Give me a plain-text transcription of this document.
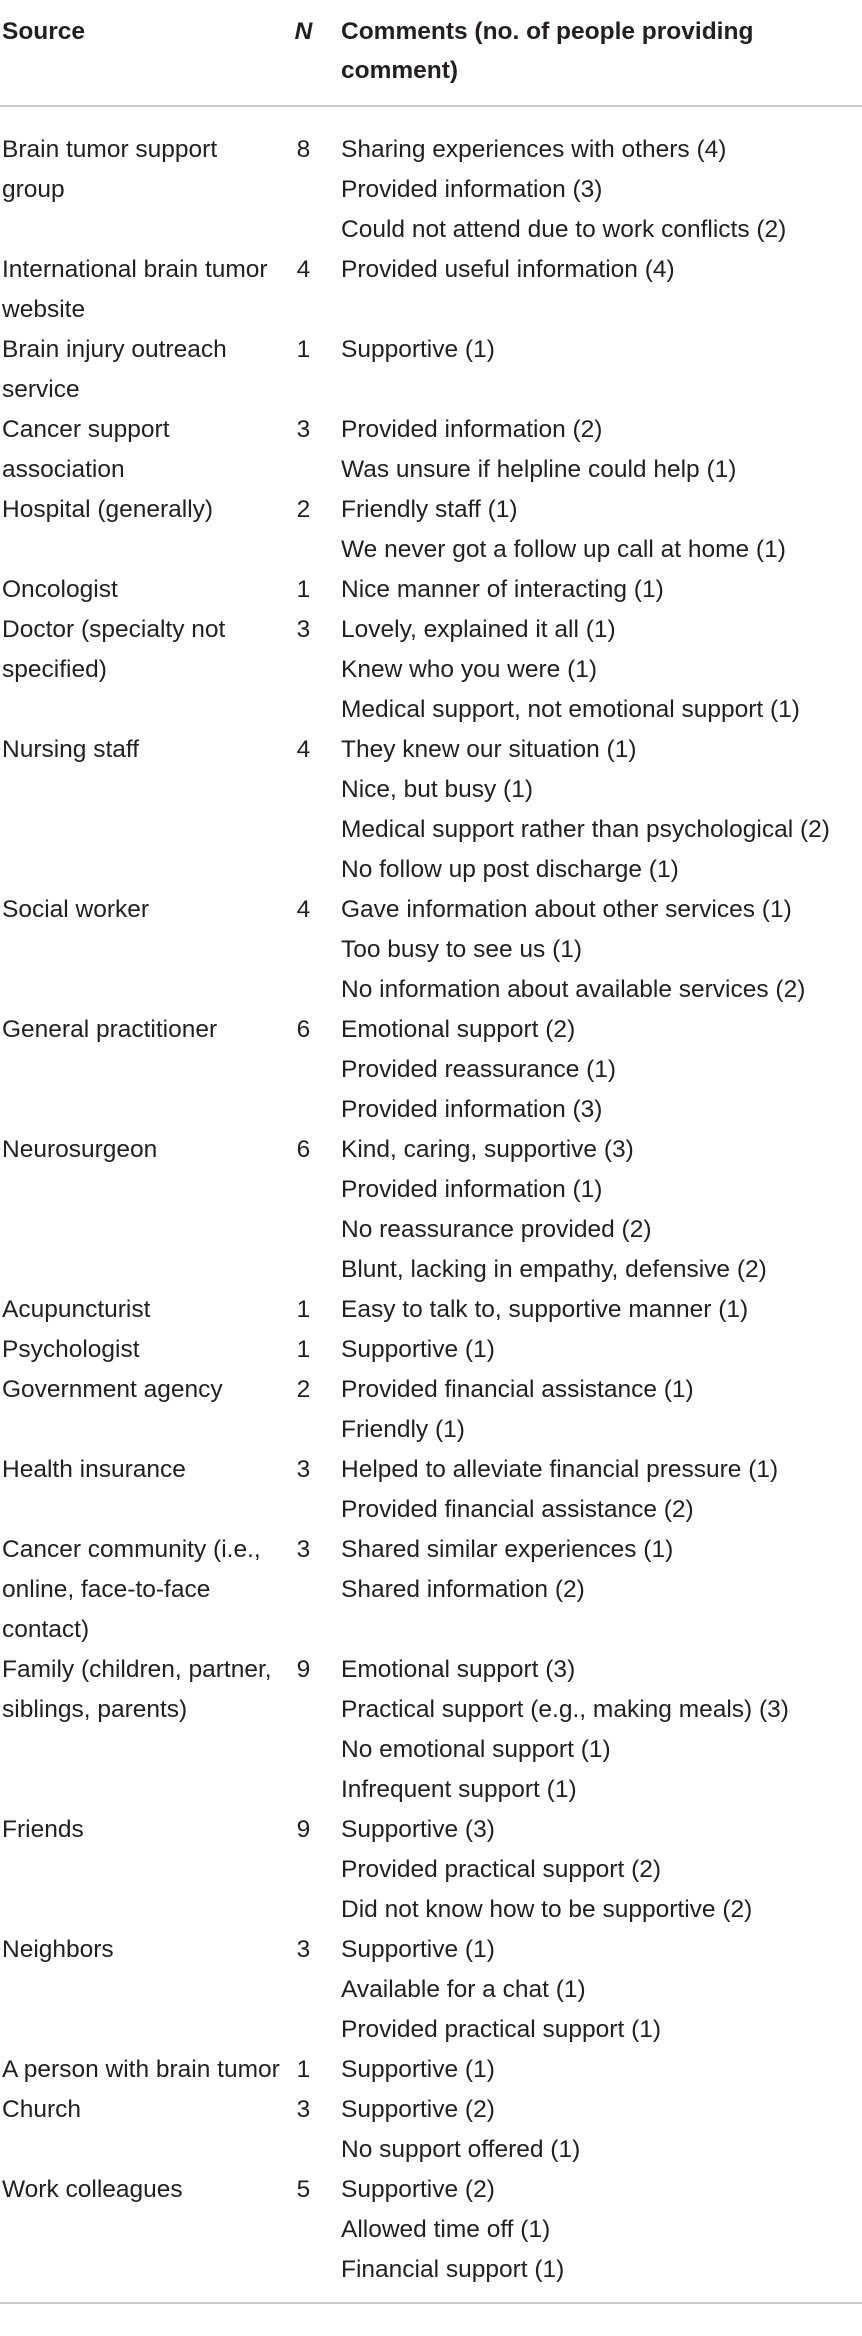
Source	N	Comments (no. of people providing comment)
Brain tumor support group	8	Sharing experiences with others (4)
Provided information (3)
Could not attend due to work conflicts (2)

International brain tumor website	4	Provided useful information (4)

Brain injury outreach service	1	Supportive (1)

Cancer support association	3	Provided information (2)
Was unsure if helpline could help (1)

Hospital (generally)	2	Friendly staff (1)
We never got a follow up call at home (1)

Oncologist	1	Nice manner of interacting (1)

Doctor (specialty not specified)	3	Lovely, explained it all (1)
Knew who you were (1)
Medical support, not emotional support (1)

Nursing staff	4	They knew our situation (1)
Nice, but busy (1)
Medical support rather than psychological (2)
No follow up post discharge (1)

Social worker	4	Gave information about other services (1)
Too busy to see us (1)
No information about available services (2)

General practitioner	6	Emotional support (2)
Provided reassurance (1)
Provided information (3)

Neurosurgeon	6	Kind, caring, supportive (3)
Provided information (1)
No reassurance provided (2)
Blunt, lacking in empathy, defensive (2)

Acupuncturist	1	Easy to talk to, supportive manner (1)

Psychologist	1	Supportive (1)

Government agency	2	Provided financial assistance (1)
Friendly (1)

Health insurance	3	Helped to alleviate financial pressure (1)
Provided financial assistance (2)

Cancer community (i.e., online, face-to-face contact)	3	Shared similar experiences (1)
Shared information (2)

Family (children, partner, siblings, parents)	9	Emotional support (3)
Practical support (e.g., making meals) (3)
No emotional support (1)
Infrequent support (1)

Friends	9	Supportive (3)
Provided practical support (2)
Did not know how to be supportive (2)

Neighbors	3	Supportive (1)
Available for a chat (1)
Provided practical support (1)

A person with brain tumor	1	Supportive (1)

Church	3	Supportive (2)
No support offered (1)

Work colleagues	5	Supportive (2)
Allowed time off (1)
Financial support (1)
